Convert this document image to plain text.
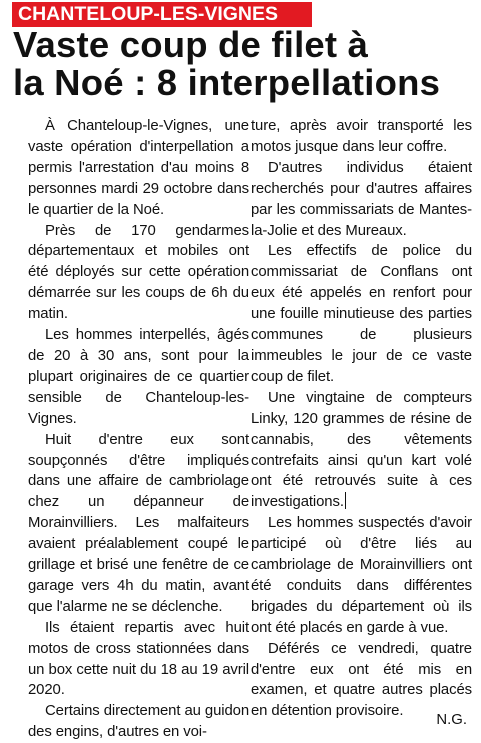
CHANTELOUP-LES-VIGNES
Vaste coup de filet à
la Noé : 8 interpellations

À Chanteloup-le-Vignes, une vaste opération d'interpellation a permis l'arrestation d'au moins 8 personnes mardi 29 octobre dans le quartier de la Noé.

Près de 170 gendarmes départementaux et mobiles ont été déployés sur cette opération démarrée sur les coups de 6h du matin.

Les hommes interpellés, âgés de 20 à 30 ans, sont pour la plupart originaires de ce quartier sensible de Chanteloup-les-Vignes.

Huit d'entre eux sont soupçonnés d'être impliqués dans une affaire de cambriolage chez un dépanneur de Morainvilliers. Les malfaiteurs avaient préalablement coupé le grillage et brisé une fenêtre de ce garage vers 4h du matin, avant que l'alarme ne se déclenche.

Ils étaient repartis avec huit motos de cross stationnées dans un box cette nuit du 18 au 19 avril 2020.

Certains directement au guidon des engins, d'autres en voi-

ture, après avoir transporté les motos jusque dans leur coffre.

D'autres individus étaient recherchés pour d'autres affaires par les commissariats de Mantes-la-Jolie et des Mureaux.

Les effectifs de police du commissariat de Conflans ont eux été appelés en renfort pour une fouille minutieuse des parties communes de plusieurs immeubles le jour de ce vaste coup de filet.

Une vingtaine de compteurs Linky, 120 grammes de résine de cannabis, des vêtements contrefaits ainsi qu'un kart volé ont été retrouvés suite à ces investigations.

Les hommes suspectés d'avoir participé où d'être liés au cambriolage de Morainvilliers ont été conduits dans différentes brigades du département où ils ont été placés en garde à vue.

Déférés ce vendredi, quatre d'entre eux ont été mis en examen, et quatre autres placés en détention provisoire.

N.G.
